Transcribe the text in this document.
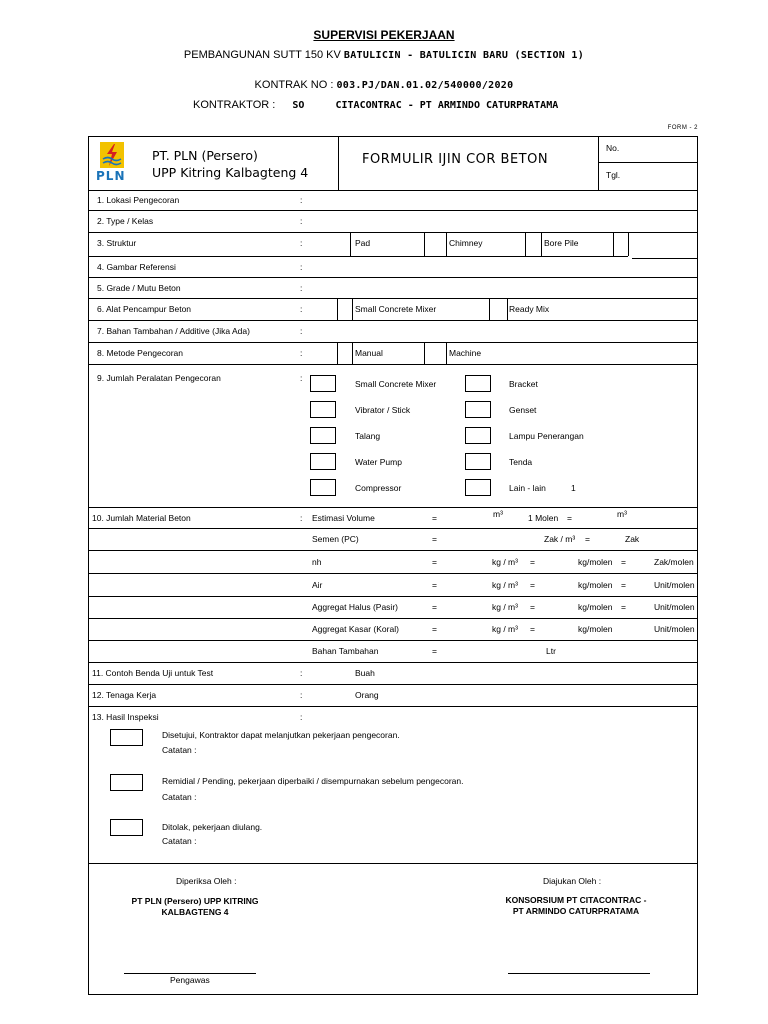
SUPERVISI PEKERJAAN
PEMBANGUNAN SUTT 150 KV BATULICIN - BATULICIN BARU (SECTION 1)
KONTRAK NO : 003.PJ/DAN.01.02/540000/2020
KONTRAKTOR : SO	CITACONTRAC - PT ARMINDO CATURPRATAMA
FORM - 2
PLN
PT. PLN (Persero)
UPP Kitring Kalbagteng 4
FORMULIR IJIN COR BETON
No.
Tgl.
1. Lokasi Pengecoran	:
2. Type / Kelas	:
3. Struktur	:	Pad	Chimney	Bore Pile
4. Gambar Referensi	:
5. Grade / Mutu Beton	:
6. Alat Pencampur Beton	:	Small Concrete Mixer	Ready Mix
7. Bahan Tambahan / Additive (Jika Ada)	:
8. Metode Pengecoran	:	Manual	Machine
9. Jumlah Peralatan Pengecoran	:
Small Concrete Mixer	Bracket
Vibrator / Stick	Genset
Talang	Lampu Penerangan
Water Pump	Tenda
Compressor	Lain - lain	1
10. Jumlah Material Beton	: Estimasi Volume	=	m³	1 Molen =	m³
Semen (PC)	=	Zak / m³ =	Zak
nh	=	kg / m³ =	kg/molen =	Zak/molen
Air	=	kg / m³ =	kg/molen =	Unit/molen
Aggregat Halus (Pasir)	=	kg / m³ =	kg/molen =	Unit/molen
Aggregat Kasar (Koral)	=	kg / m³ =	kg/molen	Unit/molen
Bahan Tambahan	=	Ltr
11. Contoh Benda Uji untuk Test	:	Buah
12. Tenaga Kerja	:	Orang
13. Hasil Inspeksi	:
Disetujui, Kontraktor dapat melanjutkan pekerjaan pengecoran.
Catatan :
Remidial / Pending, pekerjaan diperbaiki / disempurnakan sebelum pengecoran.
Catatan :
Ditolak, pekerjaan diulang.
Catatan :
Diperiksa Oleh :	Diajukan Oleh :
PT PLN (Persero) UPP KITRING
KALBAGTENG 4
KONSORSIUM PT CITACONTRAC -
PT ARMINDO CATURPRATAMA
Pengawas
